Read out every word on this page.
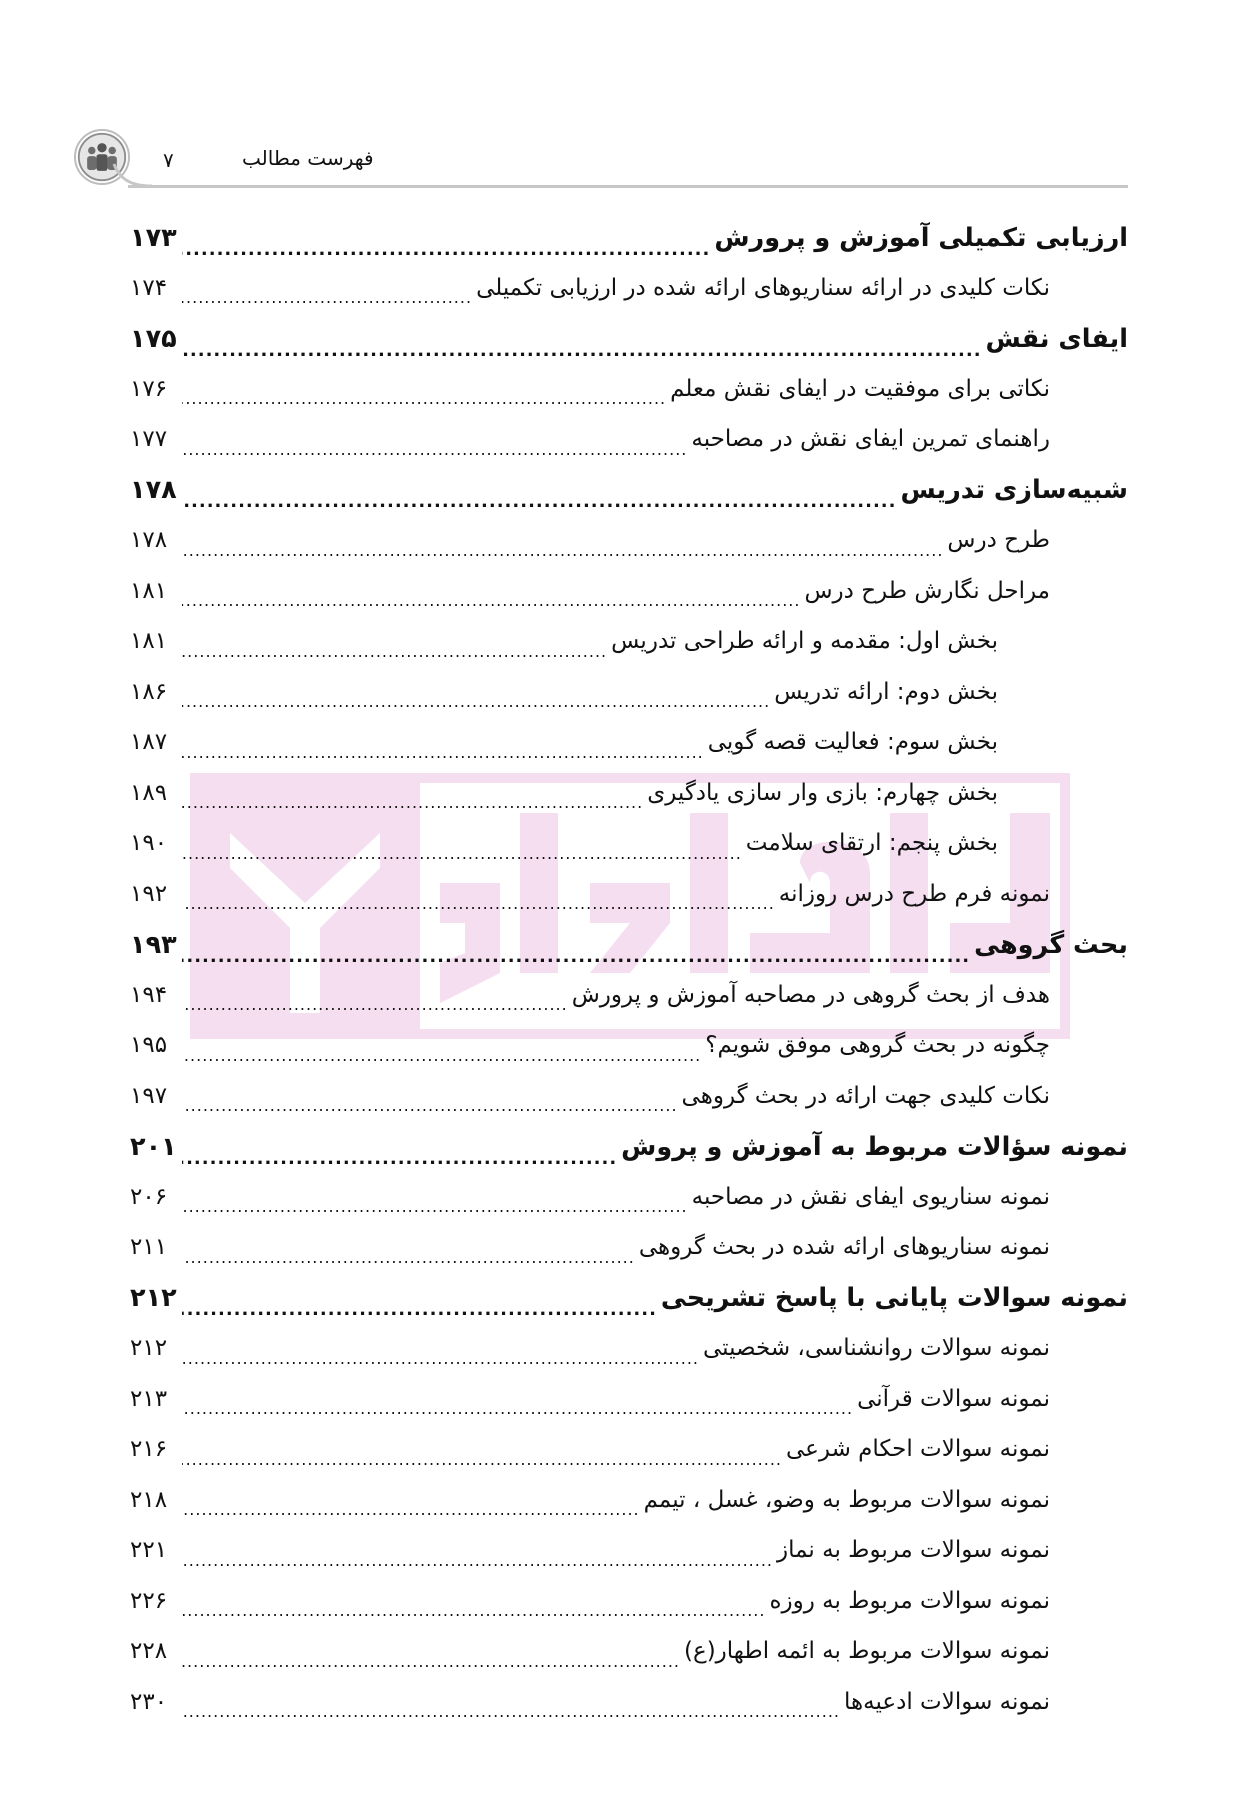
۷	فهرست مطالب
ارزیابی تکمیلی آموزش و پرورش
.....
۱۷۳
نکات کلیدی در ارائه سناریوهای ارائه شده در ارزیابی تکمیلی
.....
۱۷۴
ایفای نقش
.....
۱۷۵
نکاتی برای موفقیت در ایفای نقش معلم
.....
۱۷۶
راهنمای تمرین ایفای نقش در مصاحبه
.....
۱۷۷
شبیه‌سازی تدریس
.....
۱۷۸
طرح درس
.....
۱۷۸
مراحل نگارش طرح درس
.....
۱۸۱
بخش اول: مقدمه و ارائه طراحی تدریس
.....
۱۸۱
بخش دوم: ارائه تدریس
.....
۱۸۶
بخش سوم: فعالیت قصه گویی
.....
۱۸۷
بخش چهارم: بازی وار سازی یادگیری
.....
۱۸۹
بخش پنجم: ارتقای سلامت
.....
۱۹۰
نمونه فرم طرح درس روزانه
.....
۱۹۲
بحث گروهی
.....
۱۹۳
هدف از بحث گروهی در مصاحبه آموزش و پرورش
.....
۱۹۴
چگونه در بحث گروهی موفق شویم؟
.....
۱۹۵
نکات کلیدی جهت ارائه در بحث گروهی
.....
۱۹۷
نمونه سؤالات مربوط به آموزش و پروش
.....
۲۰۱
نمونه سناریوی ایفای نقش در مصاحبه
.....
۲۰۶
نمونه سناریوهای ارائه شده در بحث گروهی
.....
۲۱۱
نمونه سوالات پایانی با پاسخ تشریحی
.....
۲۱۲
نمونه سوالات روانشناسی، شخصیتی
.....
۲۱۲
نمونه سوالات قرآنی
.....
۲۱۳
نمونه سوالات احکام شرعی
.....
۲۱۶
نمونه سوالات مربوط به وضو، غسل ، تیمم
.....
۲۱۸
نمونه سوالات مربوط به نماز
.....
۲۲۱
نمونه سوالات مربوط به روزه
.....
۲۲۶
نمونه سوالات مربوط به ائمه اطهار(ع)
.....
۲۲۸
نمونه سوالات ادعیه‌ها
.....
۲۳۰
